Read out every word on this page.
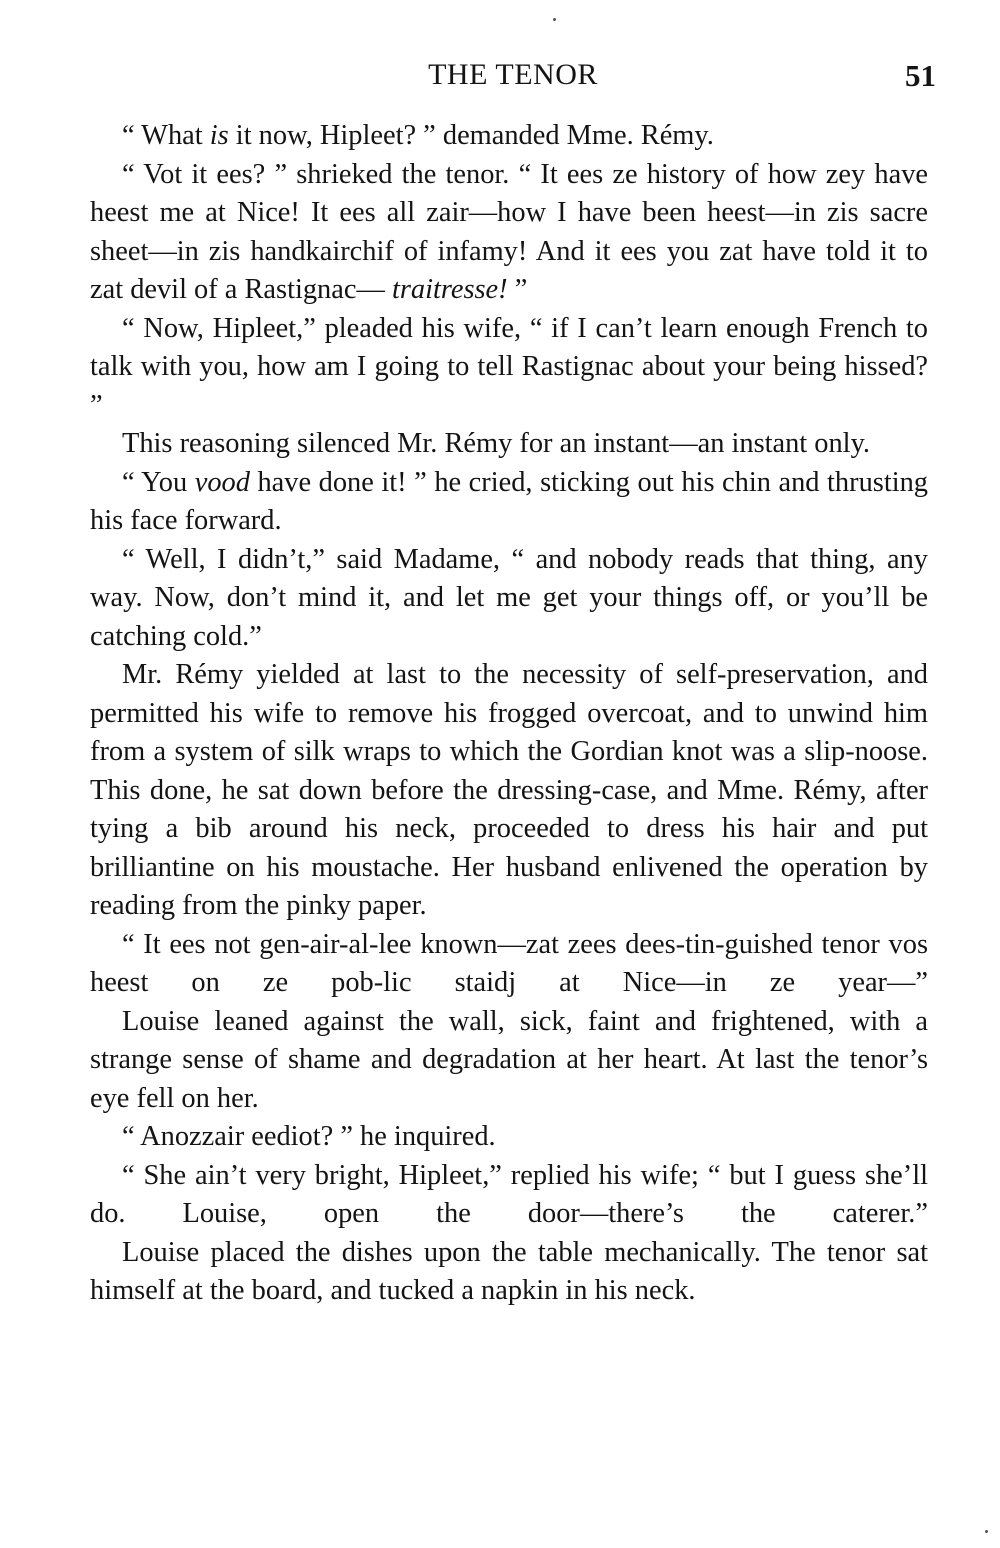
THE TENOR	51

“ What is it now, Hipleet? ” demanded Mme. Rémy.

“ Vot it ees? ” shrieked the tenor. “ It ees ze history of how zey have heest me at Nice! It ees all zair—how I have been heest—in zis sacre sheet—in zis handkairchif of infamy! And it ees you zat have told it to zat devil of a Rastignac— traitresse! ”

“ Now, Hipleet,” pleaded his wife, “ if I can’t learn enough French to talk with you, how am I going to tell Rastignac about your being hissed? ”

This reasoning silenced Mr. Rémy for an instant—an instant only.

“ You vood have done it! ” he cried, sticking out his chin and thrusting his face forward.

“ Well, I didn’t,” said Madame, “ and nobody reads that thing, any way. Now, don’t mind it, and let me get your things off, or you’ll be catching cold.”

Mr. Rémy yielded at last to the necessity of self-preservation, and permitted his wife to remove his frogged overcoat, and to unwind him from a system of silk wraps to which the Gordian knot was a slip-noose. This done, he sat down before the dressing-case, and Mme. Rémy, after tying a bib around his neck, proceeded to dress his hair and put brilliantine on his moustache. Her husband enlivened the operation by reading from the pinky paper.

“ It ees not gen-air-al-lee known—zat zees dees-tin-guished tenor vos heest on ze pob-lic staidj at Nice—in ze year—”

Louise leaned against the wall, sick, faint and frightened, with a strange sense of shame and degradation at her heart. At last the tenor’s eye fell on her.

“ Anozzair eediot? ” he inquired.

“ She ain’t very bright, Hipleet,” replied his wife; “ but I guess she’ll do. Louise, open the door—there’s the caterer.”

Louise placed the dishes upon the table mechanically. The tenor sat himself at the board, and tucked a napkin in his neck.
